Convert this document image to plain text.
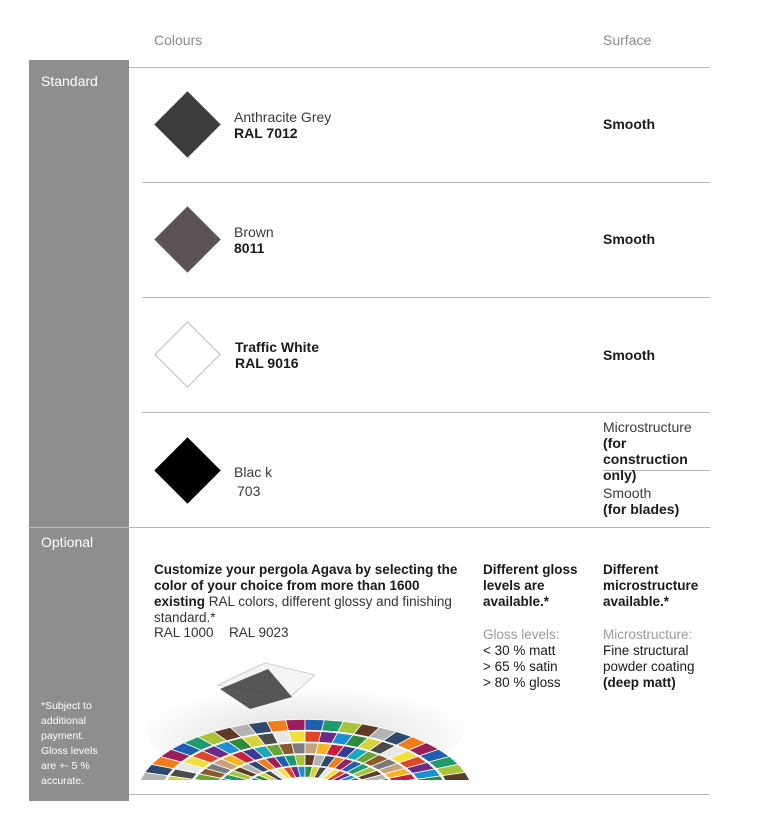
Colours	Surface
Standard
Optional
*Subject to additional payment. Gloss levels are +- 5 % accurate.
Anthracite Grey
RAL 7012
Smooth
Brown
8011
Smooth
Traffic White
RAL 9016	Smooth
Blac k
703
Microstructure
(for construction only)
Smooth
(for blades)
Customize your pergola Agava by selecting the color of your choice from more than 1600 existing RAL colors, different glossy and finishing standard.*
RAL 1000 RAL 9023
Different gloss levels are available.*
Gloss levels:
< 30 % matt
> 65 % satin
> 80 % gloss
Different microstructure available.*
Microstructure:
Fine structural powder coating
(deep matt)
